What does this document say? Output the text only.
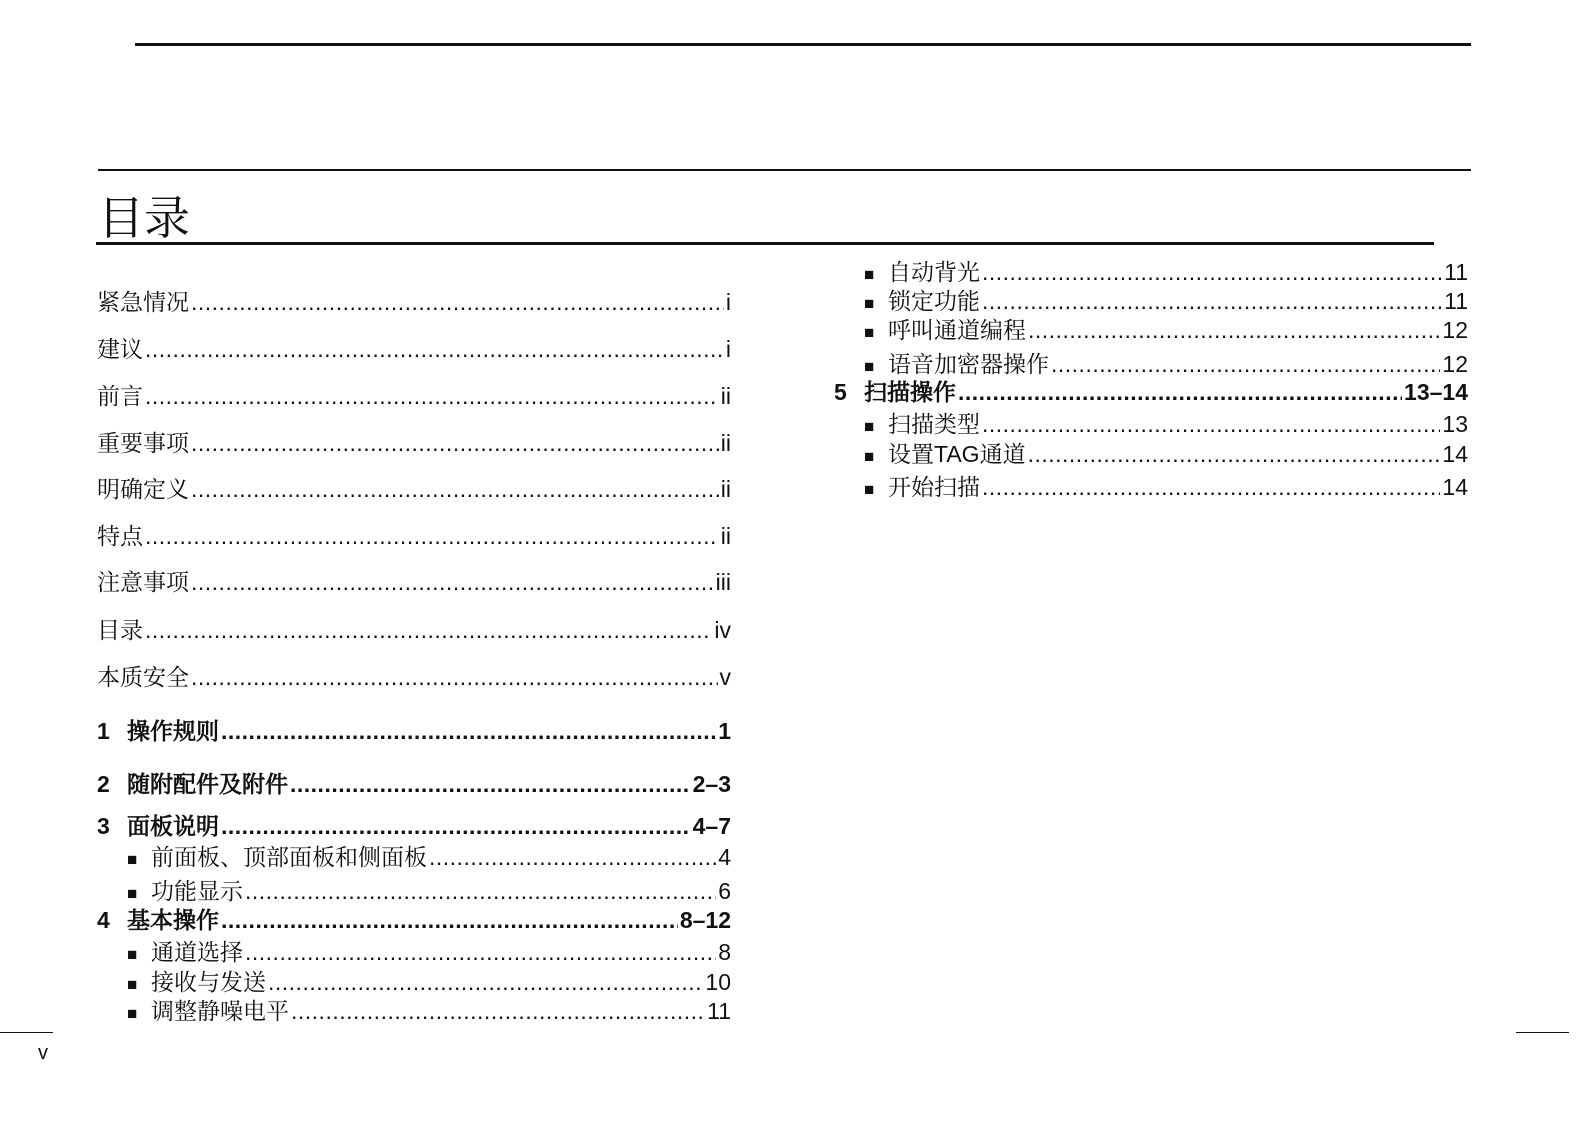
目录
紧急情况 .....	i
建议 .....	i
前言 .....	ii
重要事项 .....	ii
明确定义 .....	ii
特点 .....	ii
注意事项 .....	iii
目录 .....	iv
本质安全 .....	v
1 操作规则 .....	1
2 随附配件及附件 .....	2–3
3 面板说明 .....	4–7
■ 前面板、顶部面板和侧面板 .....	4
■ 功能显示 .....	6
4 基本操作 .....	8–12
■ 通道选择 .....	8
■ 接收与发送 .....	10
■ 调整静噪电平 .....	11
■ 自动背光 .....	11
■ 锁定功能 .....	11
■ 呼叫通道编程 .....	12
■ 语音加密器操作 .....	12
5 扫描操作 .....	13–14
■ 扫描类型 .....	13
■ 设置TAG通道 .....	14
■ 开始扫描 .....	14
v
